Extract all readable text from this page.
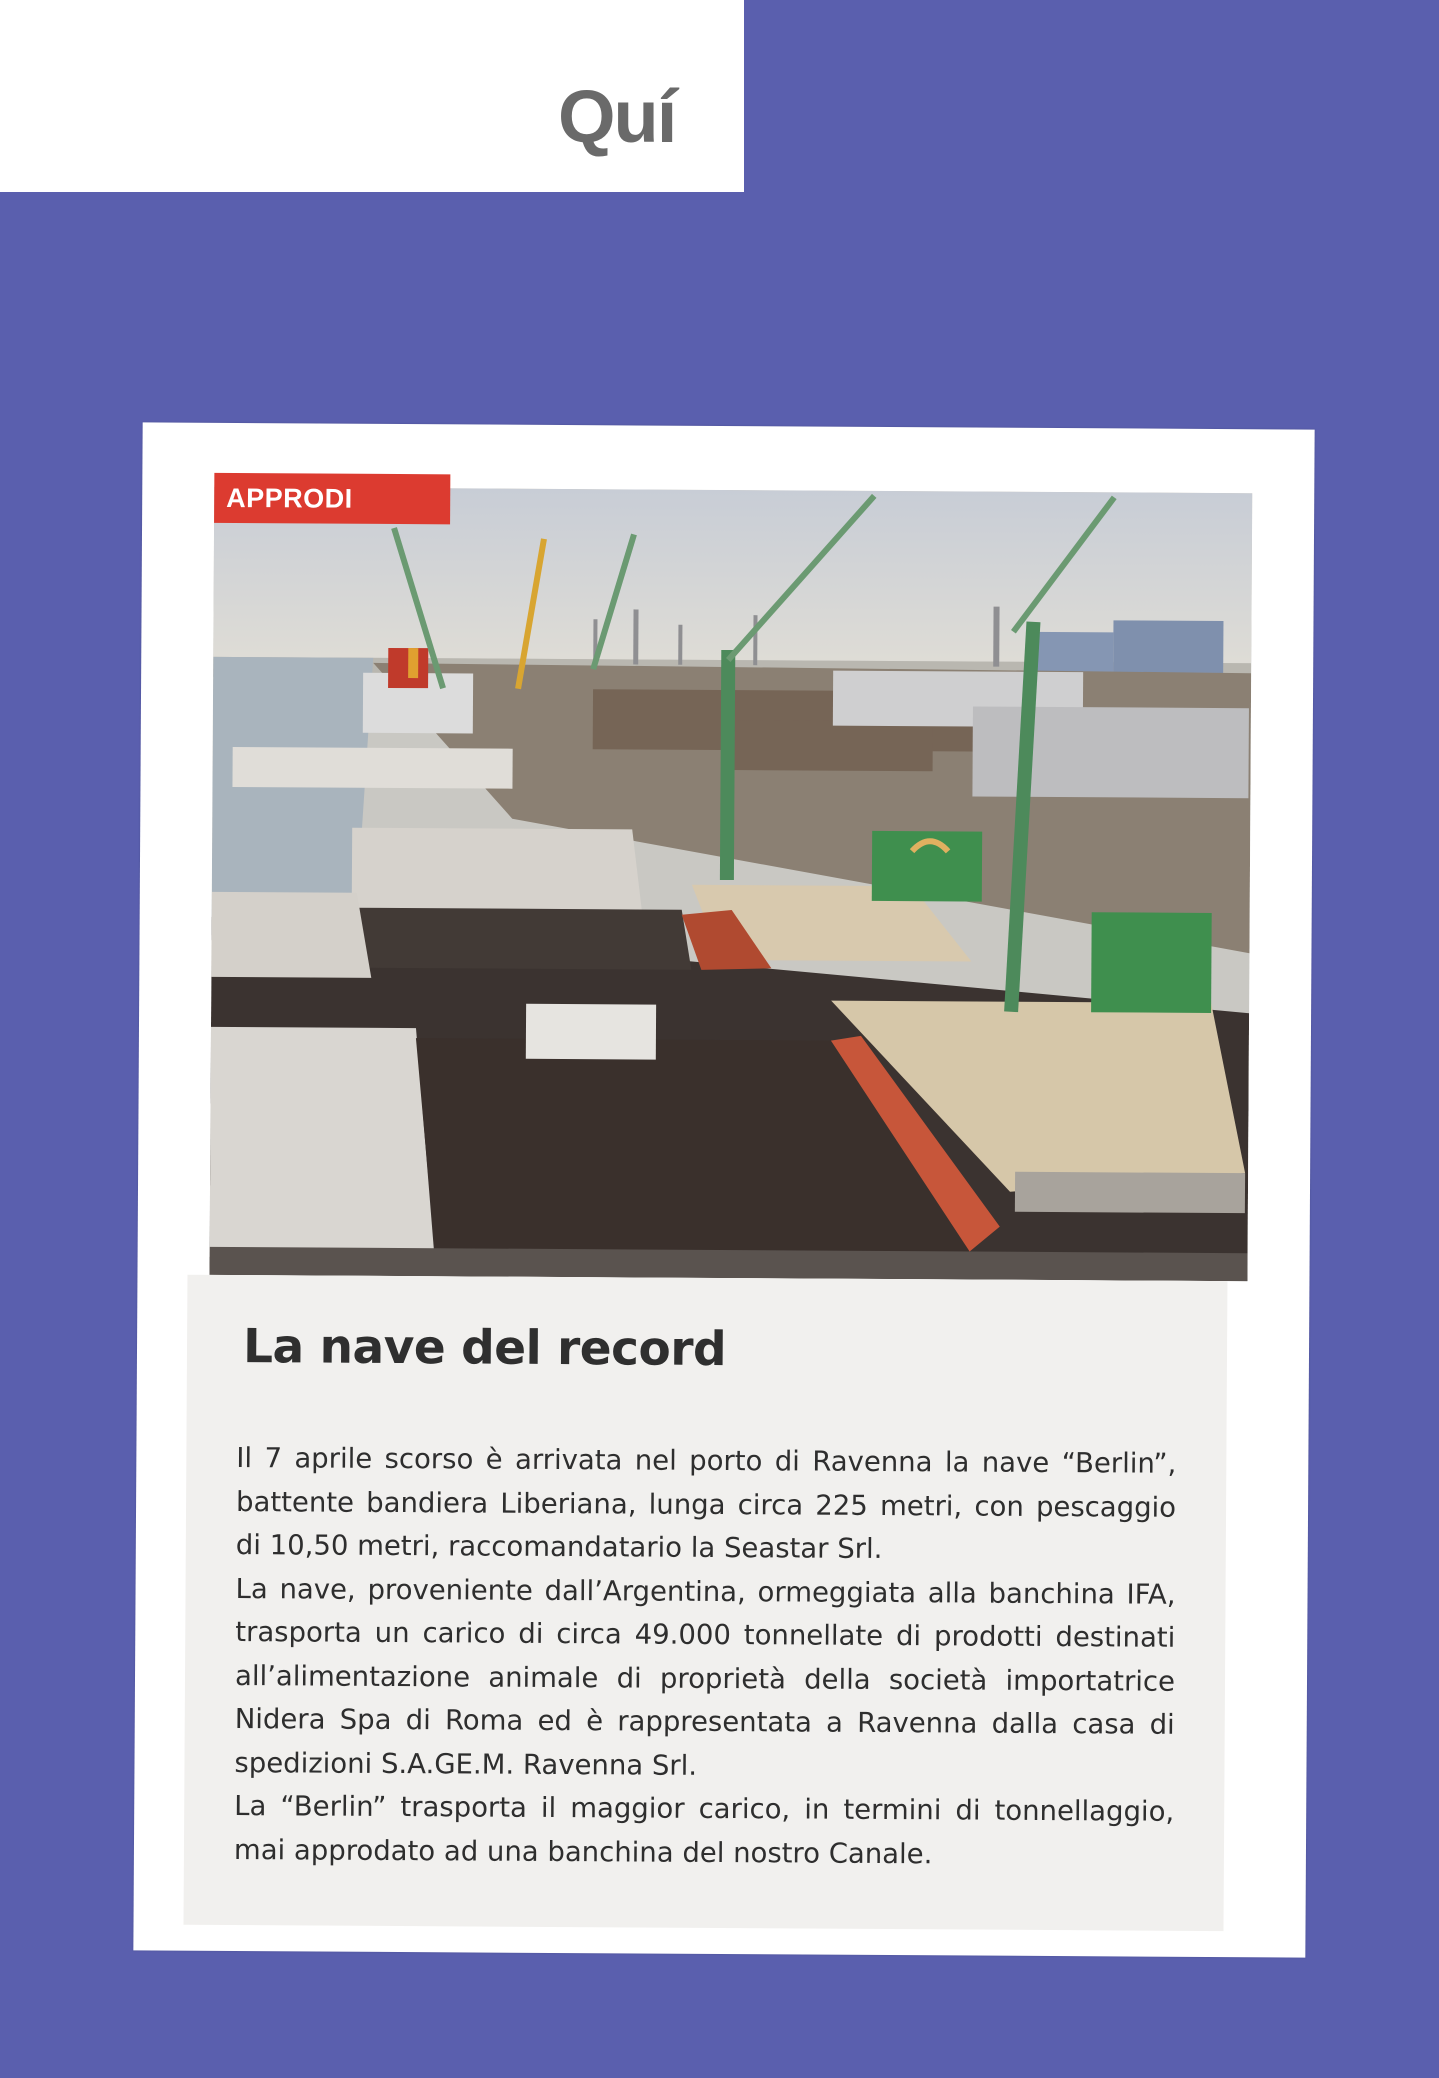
Quí
APPRODI
La nave del record

Il 7 aprile scorso è arrivata nel porto di Ravenna la nave “Berlin”, battente bandiera Liberiana, lunga circa 225 metri, con pescaggio di 10,50 metri, raccomandatario la Seastar Srl.

La nave, proveniente dall’Argentina, ormeggiata alla banchina IFA, trasporta un carico di circa 49.000 tonnellate di prodotti destinati all’alimentazione animale di proprietà della società importatrice Nidera Spa di Roma ed è rappresentata a Ravenna dalla casa di spedizioni S.A.GE.M. Ravenna Srl.

La “Berlin” trasporta il maggior carico, in termini di tonnellaggio, mai approdato ad una banchina del nostro Canale.
